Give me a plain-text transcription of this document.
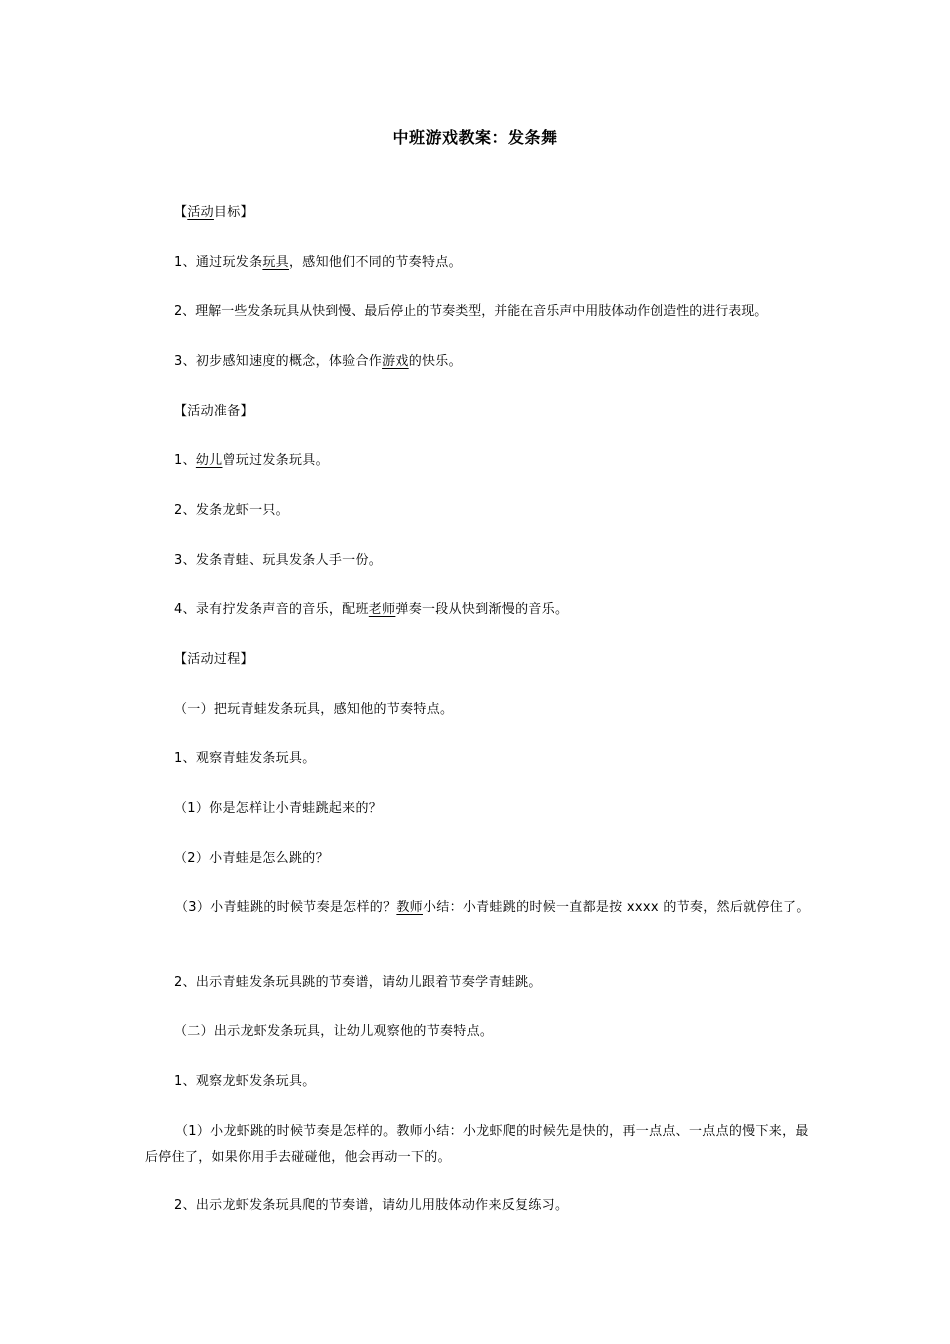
中班游戏教案：发条舞
【活动目标】
1、通过玩发条玩具，感知他们不同的节奏特点。
2、理解一些发条玩具从快到慢、最后停止的节奏类型，并能在音乐声中用肢体动作创造性的进行表现。
3、初步感知速度的概念，体验合作游戏的快乐。
【活动准备】
1、幼儿曾玩过发条玩具。
2、发条龙虾一只。
3、发条青蛙、玩具发条人手一份。
4、录有拧发条声音的音乐，配班老师弹奏一段从快到渐慢的音乐。
【活动过程】
（一）把玩青蛙发条玩具，感知他的节奏特点。
1、观察青蛙发条玩具。
（1）你是怎样让小青蛙跳起来的？
（2）小青蛙是怎么跳的？
（3）小青蛙跳的时候节奏是怎样的？教师小结：小青蛙跳的时候一直都是按 xxxx 的节奏，然后就停住了。
2、出示青蛙发条玩具跳的节奏谱，请幼儿跟着节奏学青蛙跳。
（二）出示龙虾发条玩具，让幼儿观察他的节奏特点。
1、观察龙虾发条玩具。
（1）小龙虾跳的时候节奏是怎样的。教师小结：小龙虾爬的时候先是快的，再一点点、一点点的慢下来，最后停住了，如果你用手去碰碰他，他会再动一下的。
2、出示龙虾发条玩具爬的节奏谱，请幼儿用肢体动作来反复练习。
